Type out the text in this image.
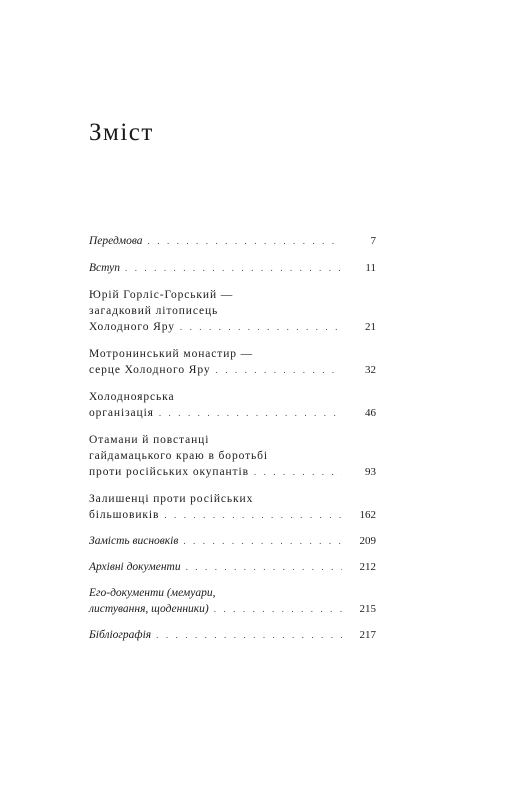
Зміст
Передмова . . .	7
Вступ . . .	11
Юрій Горліс-Горський —
загадковий літописець
Холодного Яру . . .	21
Мотронинський монастир —
серце Холодного Яру . . .	32
Холодноярська
організація . . .	46
Отамани й повстанці
гайдамацького краю в боротьбі
проти російських окупантів . . .	93
Залишенці проти російських
більшовиків . . .	162
Замість висновків . . .	209
Архівні документи . . .	212
Его-документи (мемуари,
листування, щоденники) . . .	215
Бібліографія . . .	217
